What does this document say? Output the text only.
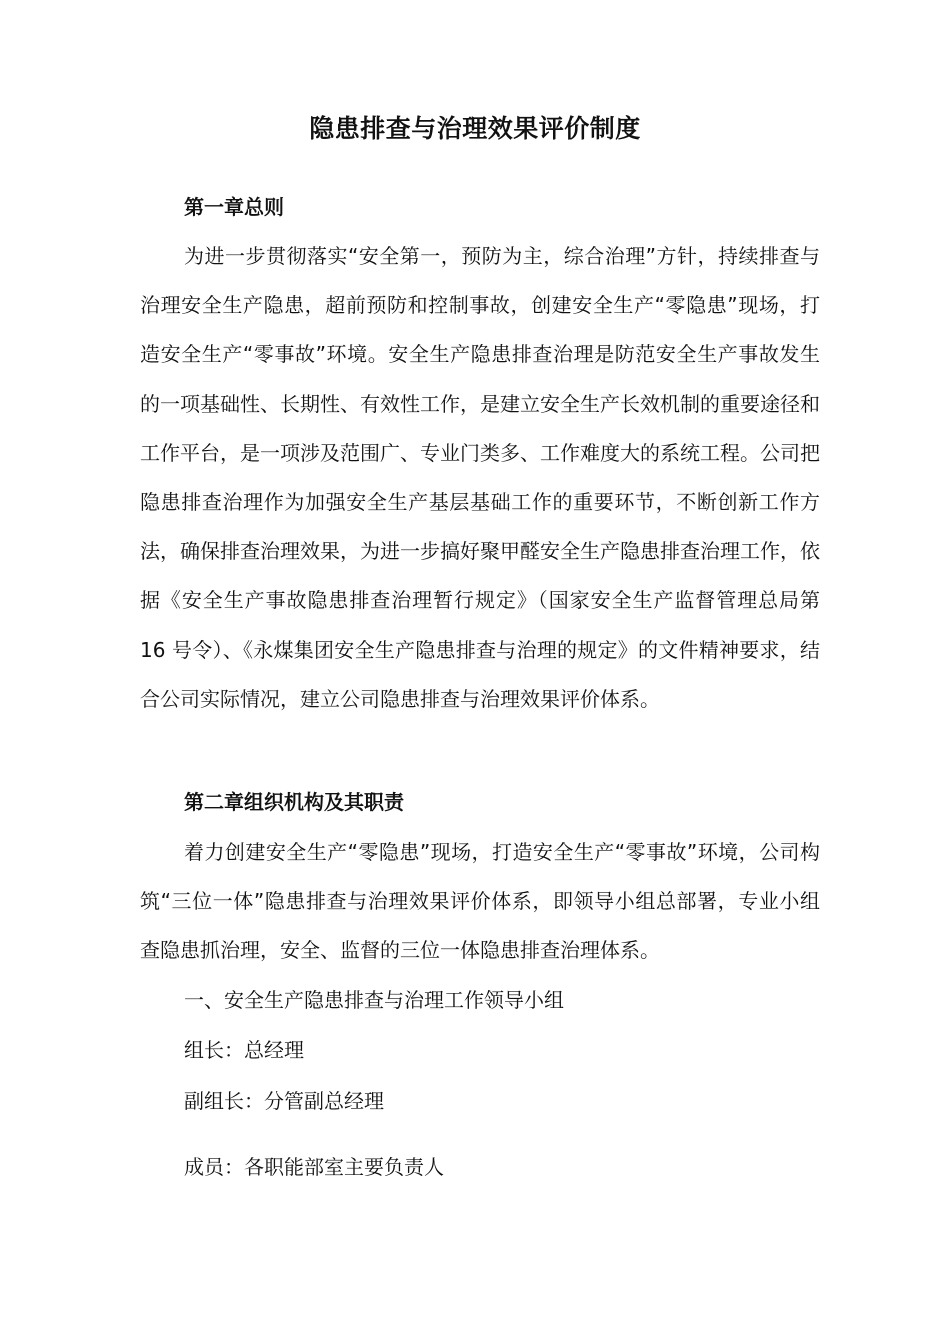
隐患排查与治理效果评价制度

第一章总则

为进一步贯彻落实“安全第一，预防为主，综合治理”方针，持续排查与治理安全生产隐患，超前预防和控制事故，创建安全生产“零隐患”现场，打造安全生产“零事故”环境。安全生产隐患排查治理是防范安全生产事故发生的一项基础性、长期性、有效性工作，是建立安全生产长效机制的重要途径和工作平台，是一项涉及范围广、专业门类多、工作难度大的系统工程。公司把隐患排查治理作为加强安全生产基层基础工作的重要环节，不断创新工作方法，确保排查治理效果，为进一步搞好聚甲醛安全生产隐患排查治理工作，依据《安全生产事故隐患排查治理暂行规定》（国家安全生产监督管理总局第 16 号令）、《永煤集团安全生产隐患排查与治理的规定》的文件精神要求，结合公司实际情况，建立公司隐患排查与治理效果评价体系。

第二章组织机构及其职责

着力创建安全生产“零隐患”现场，打造安全生产“零事故”环境，公司构筑“三位一体”隐患排查与治理效果评价体系，即领导小组总部署，专业小组查隐患抓治理，安全、监督的三位一体隐患排查治理体系。

一、安全生产隐患排查与治理工作领导小组

组长：总经理

副组长：分管副总经理

成员：各职能部室主要负责人
